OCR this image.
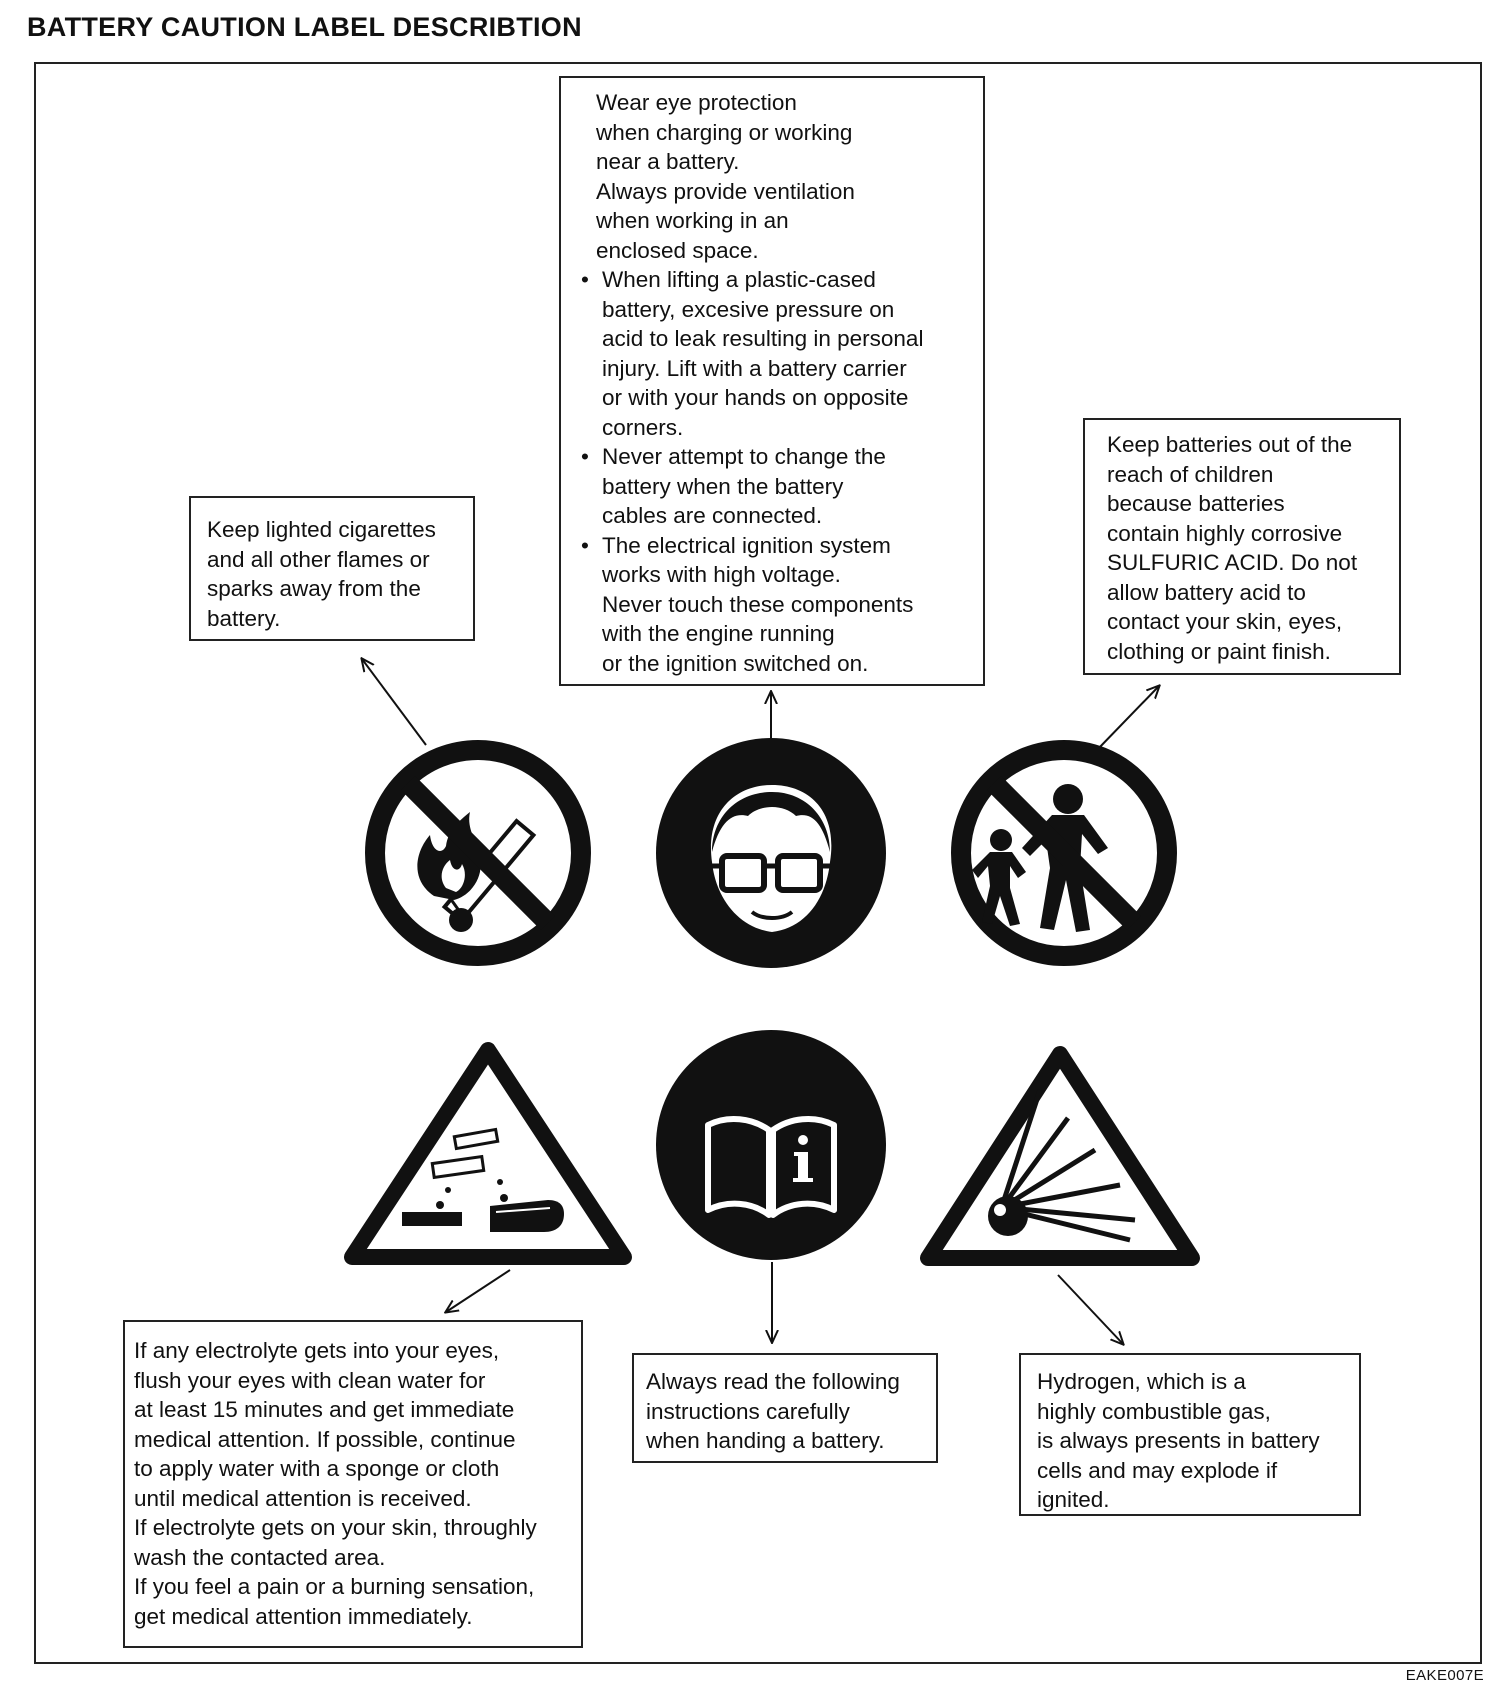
BATTERY CAUTION LABEL DESCRIBTION
EAKE007E

Keep lighted cigarettes

and all other flames or

sparks away from the

battery.

Wear eye protection

when charging or working

near a battery.

Always provide ventilation

when working in an

enclosed space.

• When lifting a plastic-cased

battery, excesive pressure on

acid to leak resulting in personal

injury. Lift with a battery carrier

or with your hands on opposite

corners.

• Never attempt to change the

battery when the battery

cables are connected.

• The electrical ignition system

works with high voltage.

Never touch these components

with the engine running

or the ignition switched on.

Keep batteries out of the

reach of children

because batteries

contain highly corrosive

SULFURIC ACID. Do not

allow battery acid to

contact your skin, eyes,

clothing or paint finish.

If any electrolyte gets into your eyes,

flush your eyes with clean water for

at least 15 minutes and get immediate

medical attention. If possible, continue

to apply water with a sponge or cloth

until medical attention is received.

If electrolyte gets on your skin, throughly

wash the contacted area.

If you feel a pain or a burning sensation,

get medical attention immediately.

Always read the following

instructions carefully

when handing a battery.

Hydrogen, which is a

highly combustible gas,

is always presents in battery

cells and may explode if

ignited.
